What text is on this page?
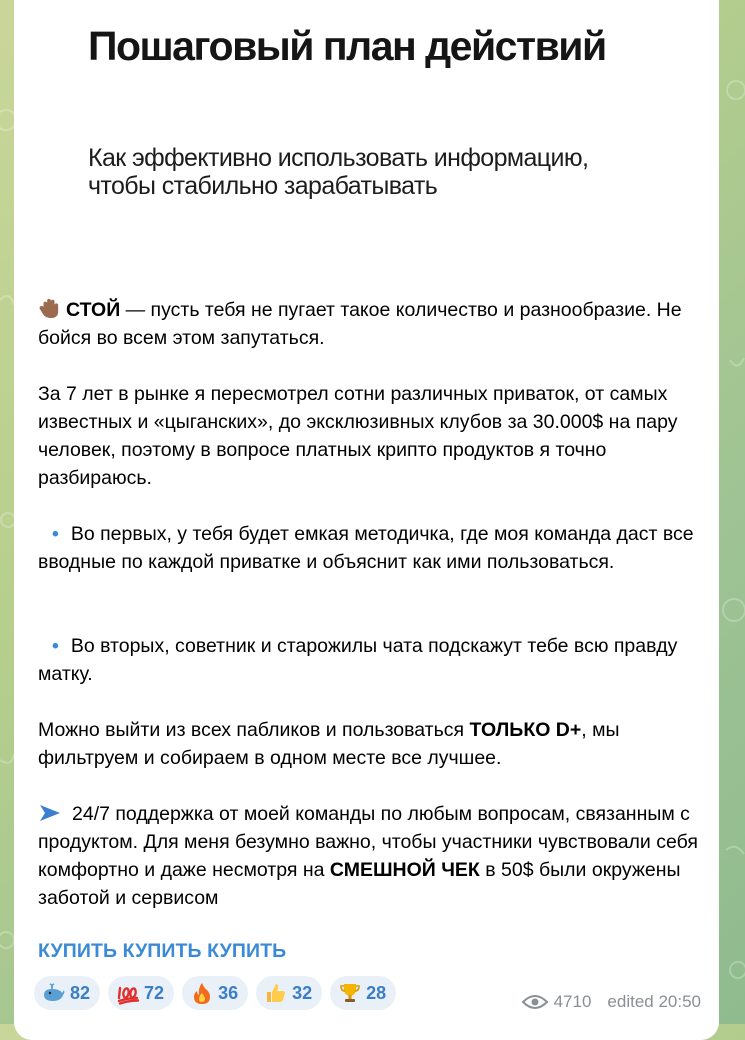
Пошаговый план действий

Как эффективно использовать информацию, чтобы стабильно зарабатывать

СТОЙ — пусть тебя не пугает такое количество и разнообразие. Не бойся во всем этом запутаться.

За 7 лет в рынке я пересмотрел сотни различных приваток, от самых известных и «цыганских», до эксклюзивных клубов за 30.000$ на пару человек, поэтому в вопросе платных крипто продуктов я точно разбираюсь.

• Во первых, у тебя будет емкая методичка, где моя команда даст все вводные по каждой приватке и объяснит как ими пользоваться.

• Во вторых, советник и старожилы чата подскажут тебе всю правду матку.

Можно выйти из всех пабликов и пользоваться ТОЛЬКО D+, мы фильтруем и собираем в одном месте все лучшее.

24/7 поддержка от моей команды по любым вопросам, связанным с продуктом. Для меня безумно важно, чтобы участники чувствовали себя комфортно и даже несмотря на СМЕШНОЙ ЧЕК в 50$ были окружены заботой и сервисом

КУПИТЬ КУПИТЬ КУПИТЬ
82	72	36	32	28	4710 edited 20:50
